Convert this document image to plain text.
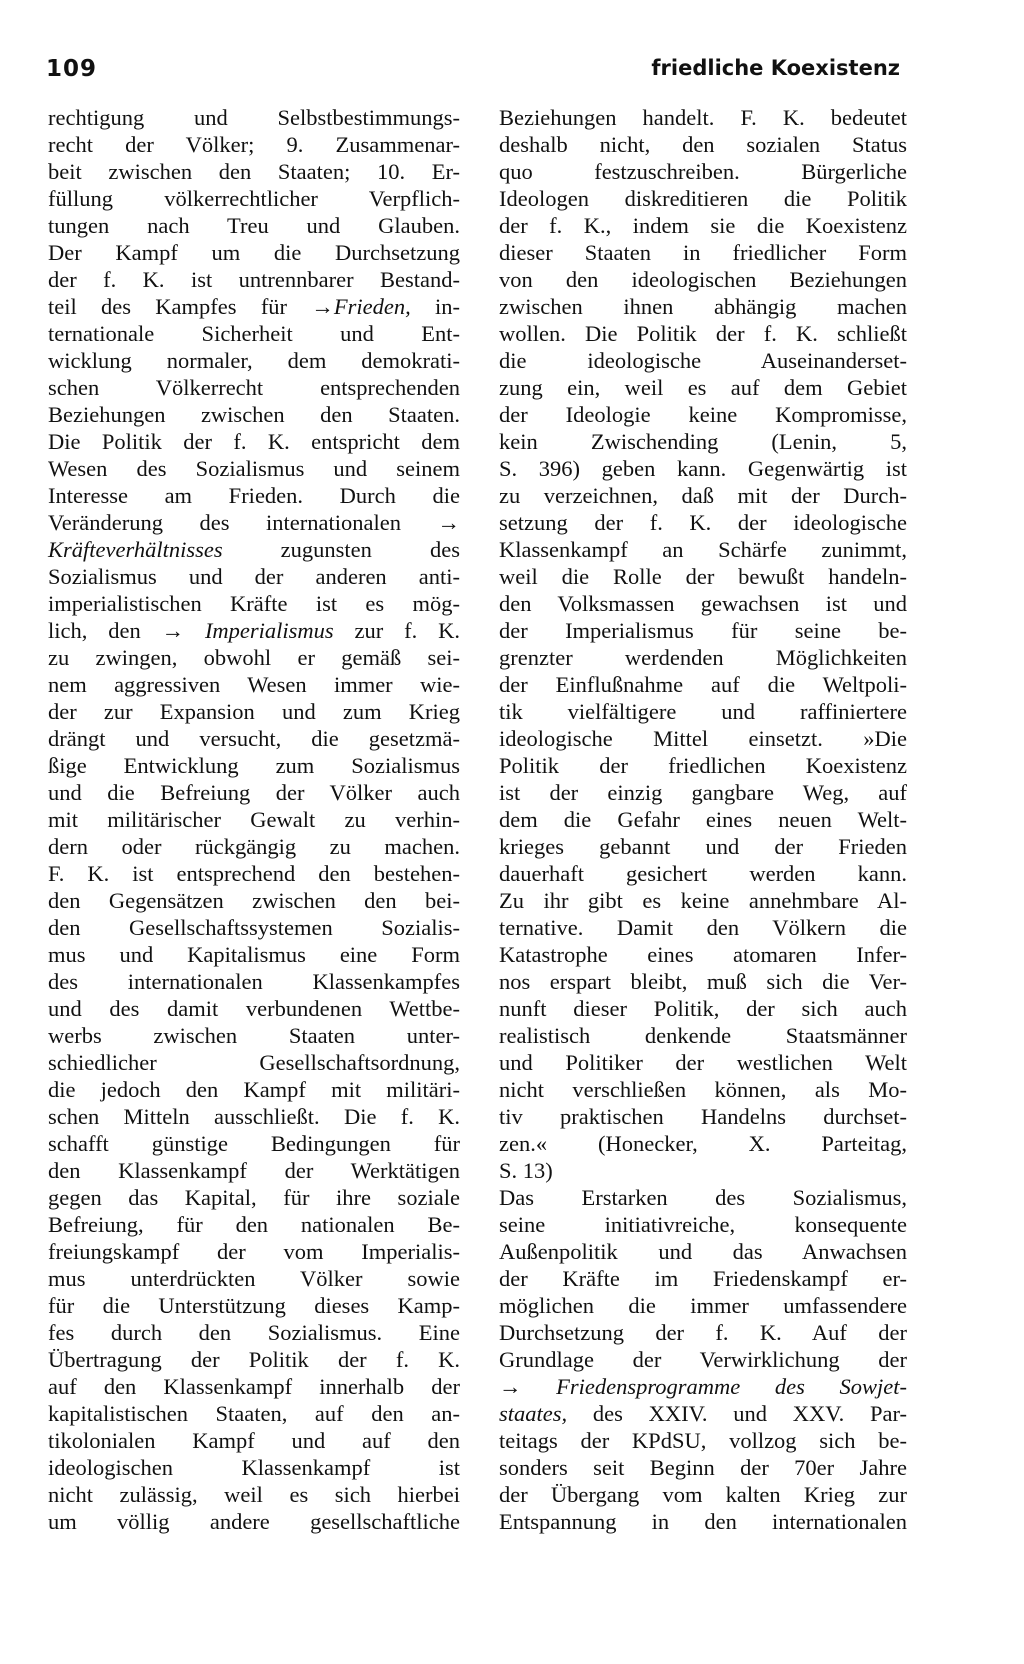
109	friedliche Koexistenz
rechtigung und Selbstbestimmungs-
recht der Völker; 9. Zusammenar-
beit zwischen den Staaten; 10. Er-
füllung völkerrechtlicher Verpflich-
tungen nach Treu und Glauben.
Der Kampf um die Durchsetzung
der f. K. ist untrennbarer Bestand-
teil des Kampfes für →Frieden, in-
ternationale Sicherheit und Ent-
wicklung normaler, dem demokrati-
schen Völkerrecht entsprechenden
Beziehungen zwischen den Staaten.
Die Politik der f. K. entspricht dem
Wesen des Sozialismus und seinem
Interesse am Frieden. Durch die
Veränderung des internationalen →
Kräfteverhältnisses zugunsten des
Sozialismus und der anderen anti-
imperialistischen Kräfte ist es mög-
lich, den → Imperialismus zur f. K.
zu zwingen, obwohl er gemäß sei-
nem aggressiven Wesen immer wie-
der zur Expansion und zum Krieg
drängt und versucht, die gesetzmä-
ßige Entwicklung zum Sozialismus
und die Befreiung der Völker auch
mit militärischer Gewalt zu verhin-
dern oder rückgängig zu machen.
F. K. ist entsprechend den bestehen-
den Gegensätzen zwischen den bei-
den Gesellschaftssystemen Sozialis-
mus und Kapitalismus eine Form
des internationalen Klassenkampfes
und des damit verbundenen Wettbe-
werbs zwischen Staaten unter-
schiedlicher Gesellschaftsordnung,
die jedoch den Kampf mit militäri-
schen Mitteln ausschließt. Die f. K.
schafft günstige Bedingungen für
den Klassenkampf der Werktätigen
gegen das Kapital, für ihre soziale
Befreiung, für den nationalen Be-
freiungskampf der vom Imperialis-
mus unterdrückten Völker sowie
für die Unterstützung dieses Kamp-
fes durch den Sozialismus. Eine
Übertragung der Politik der f. K.
auf den Klassenkampf innerhalb der
kapitalistischen Staaten, auf den an-
tikolonialen Kampf und auf den
ideologischen Klassenkampf ist
nicht zulässig, weil es sich hierbei
um völlig andere gesellschaftliche
Beziehungen handelt. F. K. bedeutet
deshalb nicht, den sozialen Status
quo festzuschreiben. Bürgerliche
Ideologen diskreditieren die Politik
der f. K., indem sie die Koexistenz
dieser Staaten in friedlicher Form
von den ideologischen Beziehungen
zwischen ihnen abhängig machen
wollen. Die Politik der f. K. schließt
die ideologische Auseinanderset-
zung ein, weil es auf dem Gebiet
der Ideologie keine Kompromisse,
kein Zwischending (Lenin, 5,
S. 396) geben kann. Gegenwärtig ist
zu verzeichnen, daß mit der Durch-
setzung der f. K. der ideologische
Klassenkampf an Schärfe zunimmt,
weil die Rolle der bewußt handeln-
den Volksmassen gewachsen ist und
der Imperialismus für seine be-
grenzter werdenden Möglichkeiten
der Einflußnahme auf die Weltpoli-
tik vielfältigere und raffiniertere
ideologische Mittel einsetzt. »Die
Politik der friedlichen Koexistenz
ist der einzig gangbare Weg, auf
dem die Gefahr eines neuen Welt-
krieges gebannt und der Frieden
dauerhaft gesichert werden kann.
Zu ihr gibt es keine annehmbare Al-
ternative. Damit den Völkern die
Katastrophe eines atomaren Infer-
nos erspart bleibt, muß sich die Ver-
nunft dieser Politik, der sich auch
realistisch denkende Staatsmänner
und Politiker der westlichen Welt
nicht verschließen können, als Mo-
tiv praktischen Handelns durchset-
zen.« (Honecker, X. Parteitag,
S. 13)
Das Erstarken des Sozialismus,
seine initiativreiche, konsequente
Außenpolitik und das Anwachsen
der Kräfte im Friedenskampf er-
möglichen die immer umfassendere
Durchsetzung der f. K. Auf der
Grundlage der Verwirklichung der
→ Friedensprogramme des Sowjet-
staates, des XXIV. und XXV. Par-
teitags der KPdSU, vollzog sich be-
sonders seit Beginn der 70er Jahre
der Übergang vom kalten Krieg zur
Entspannung in den internationalen
